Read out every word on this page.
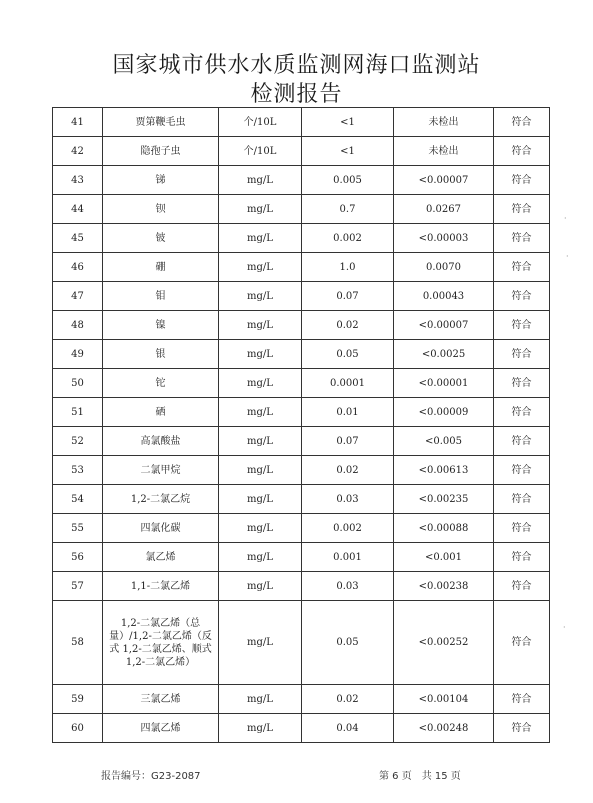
国家城市供水水质监测网海口监测站
检测报告
41	贾第鞭毛虫	个/10L	<1	未检出	符合
42	隐孢子虫	个/10L	<1	未检出	符合
43	锑	mg/L	0.005	<0.00007	符合
44	钡	mg/L	0.7	0.0267	符合
45	铍	mg/L	0.002	<0.00003	符合
46	硼	mg/L	1.0	0.0070	符合
47	钼	mg/L	0.07	0.00043	符合
48	镍	mg/L	0.02	<0.00007	符合
49	银	mg/L	0.05	<0.0025	符合
50	铊	mg/L	0.0001	<0.00001	符合
51	硒	mg/L	0.01	<0.00009	符合
52	高氯酸盐	mg/L	0.07	<0.005	符合
53	二氯甲烷	mg/L	0.02	<0.00613	符合
54	1,2-二氯乙烷	mg/L	0.03	<0.00235	符合
55	四氯化碳	mg/L	0.002	<0.00088	符合
56	氯乙烯	mg/L	0.001	<0.001	符合
57	1,1-二氯乙烯	mg/L	0.03	<0.00238	符合
58	1,2-二氯乙烯（总量）/1,2-二氯乙烯（反式 1,2-二氯乙烯、顺式 1,2-二氯乙烯）	mg/L	0.05	<0.00252	符合
59	三氯乙烯	mg/L	0.02	<0.00104	符合
60	四氯乙烯	mg/L	0.04	<0.00248	符合
报告编号：G23-2087	第 6 页　共 15 页
·
·
·
